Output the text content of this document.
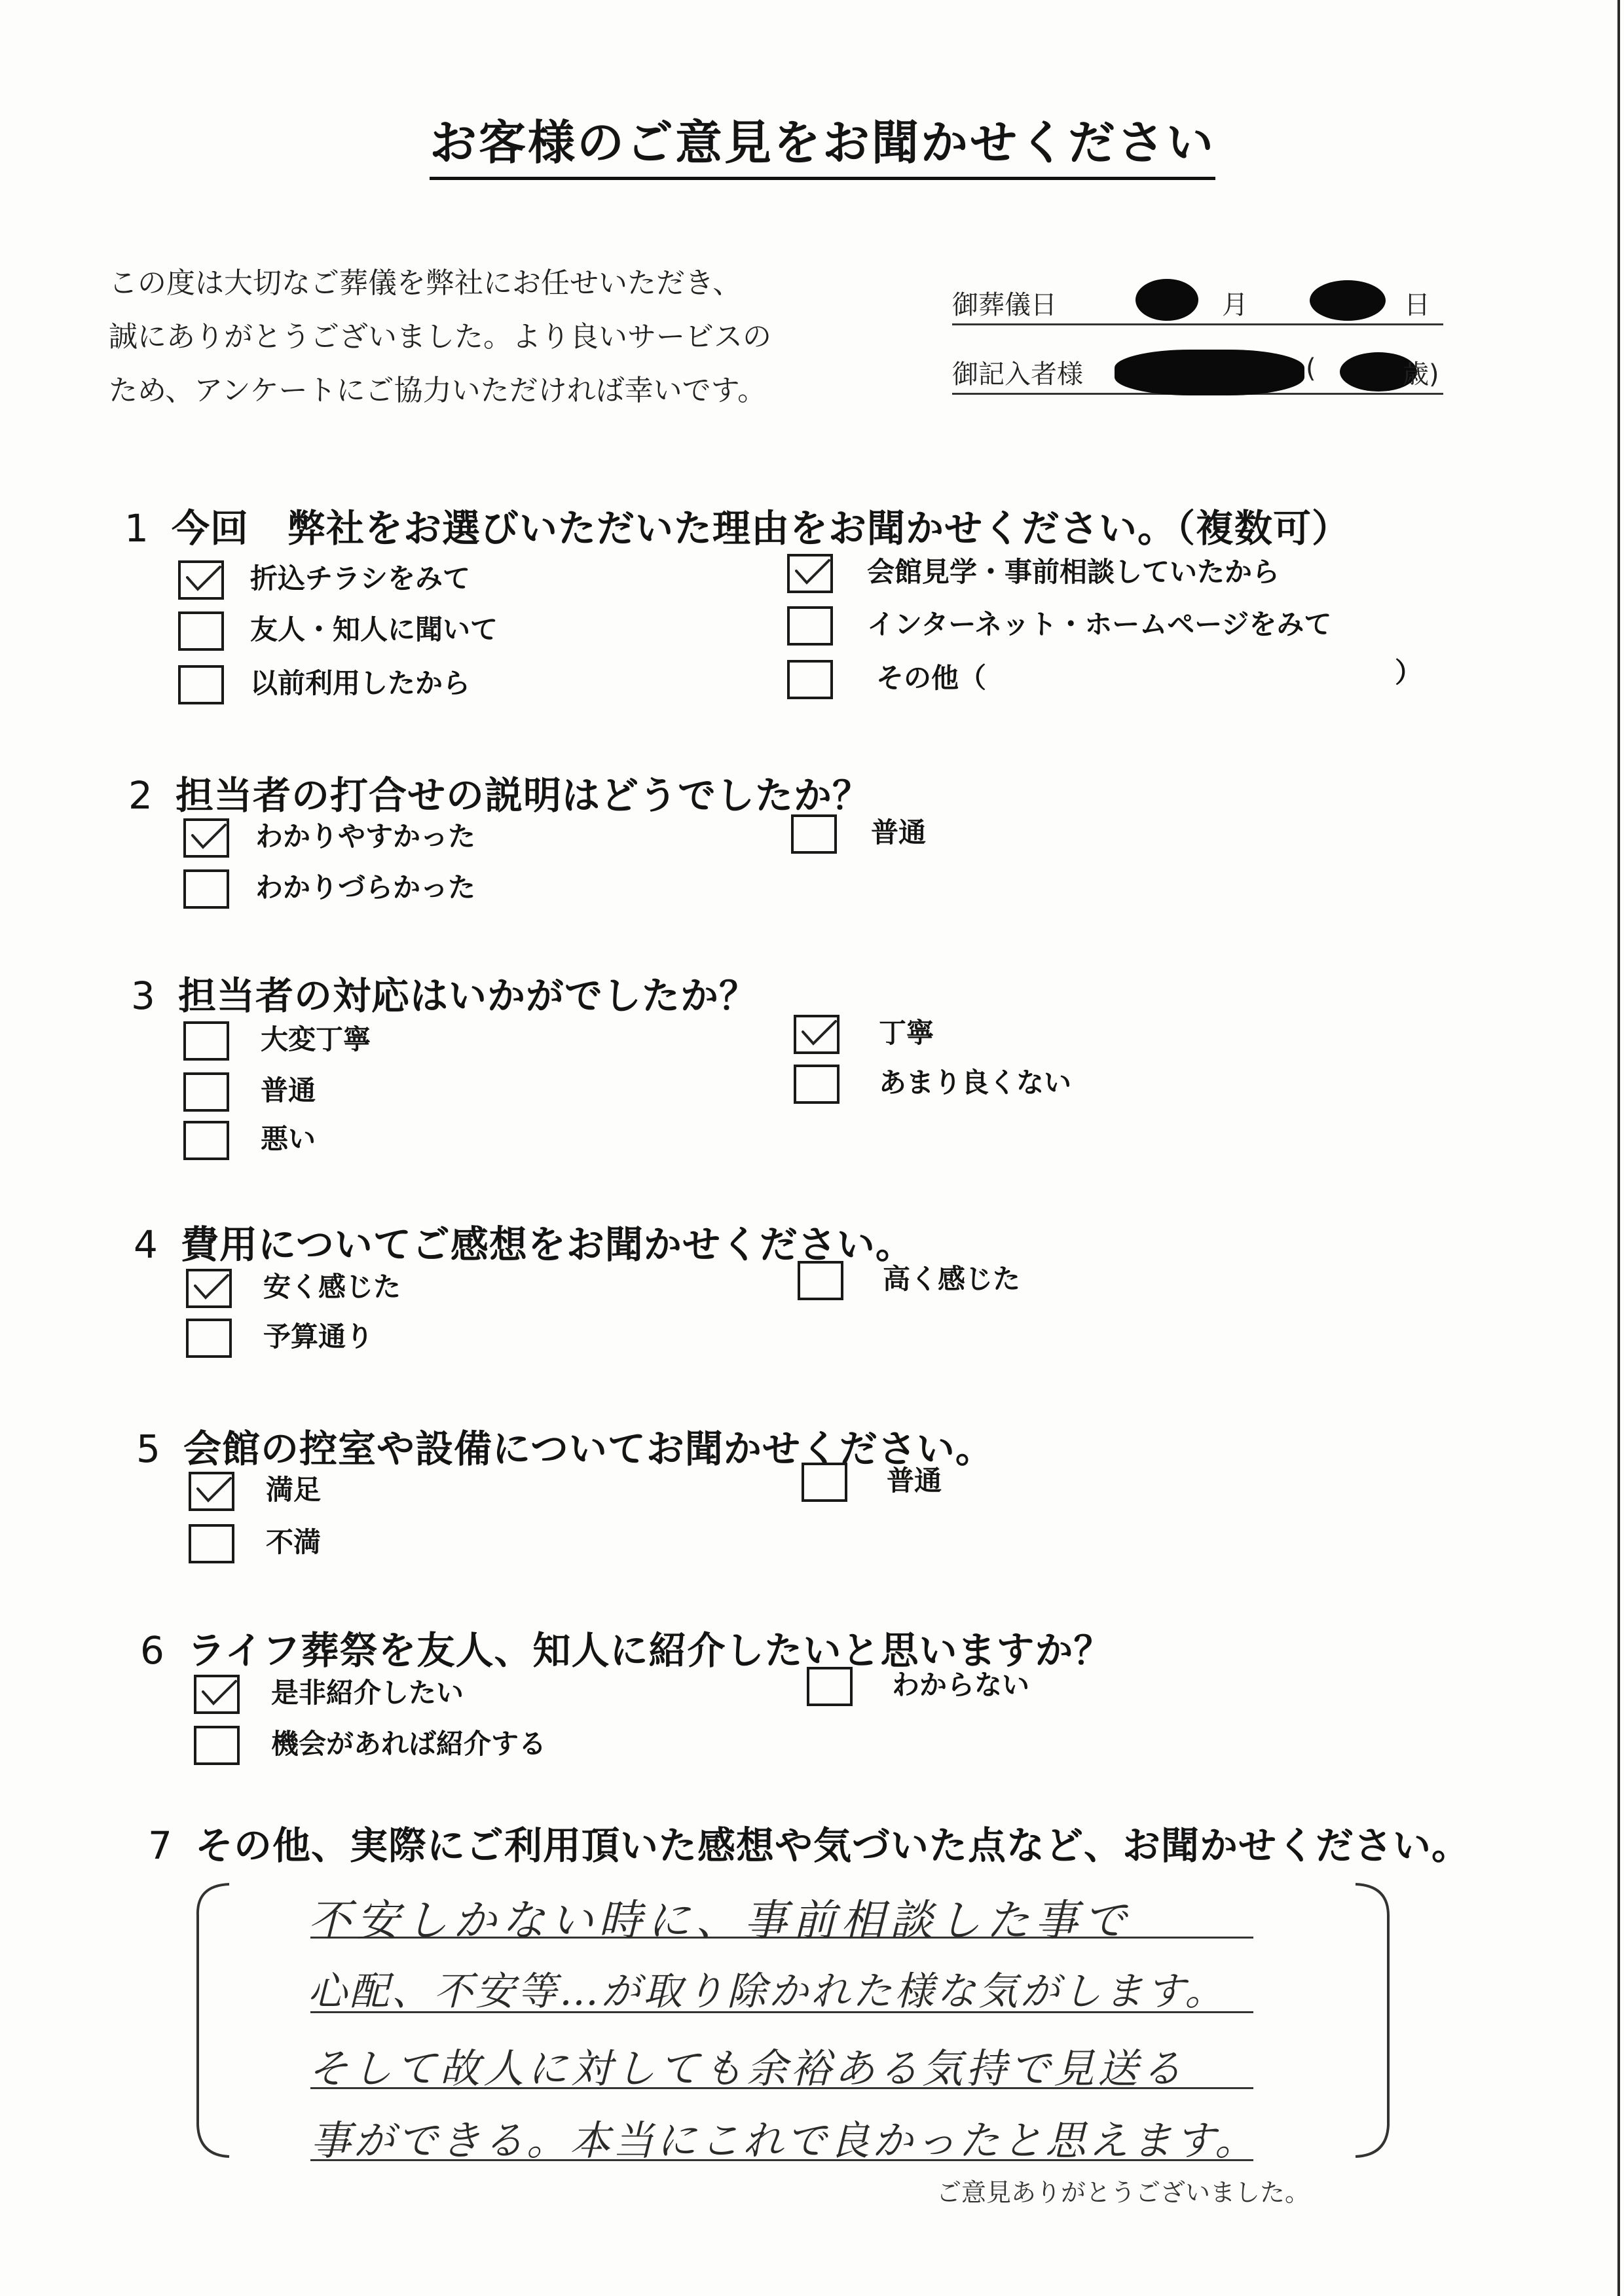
お客様のご意見をお聞かせください
この度は大切なご葬儀を弊社にお任せいただき、
誠にありがとうございました。より良いサービスの
ため、アンケートにご協力いただければ幸いです。
御葬儀日	月	日
御記入者様	(	歳)
1 今回　弊社をお選びいただいた理由をお聞かせください。（複数可）
折込チラシをみて
友人・知人に聞いて
以前利用したから
会館見学・事前相談していたから
インターネット・ホームページをみて
その他（	）
2 担当者の打合せの説明はどうでしたか？
わかりやすかった
わかりづらかった
普通
3 担当者の対応はいかがでしたか？
大変丁寧
普通
悪い
丁寧
あまり良くない
4 費用についてご感想をお聞かせください。
安く感じた
予算通り
高く感じた
5 会館の控室や設備についてお聞かせください。
満足
不満
普通
6 ライフ葬祭を友人、知人に紹介したいと思いますか？
是非紹介したい
機会があれば紹介する
わからない
7 その他、実際にご利用頂いた感想や気づいた点など、お聞かせください。
不安しかない時に、事前相談した事で
心配、不安等…が取り除かれた様な気がします。
そして故人に対しても余裕ある気持で見送る
事ができる。本当にこれで良かったと思えます。
ご意見ありがとうございました。
